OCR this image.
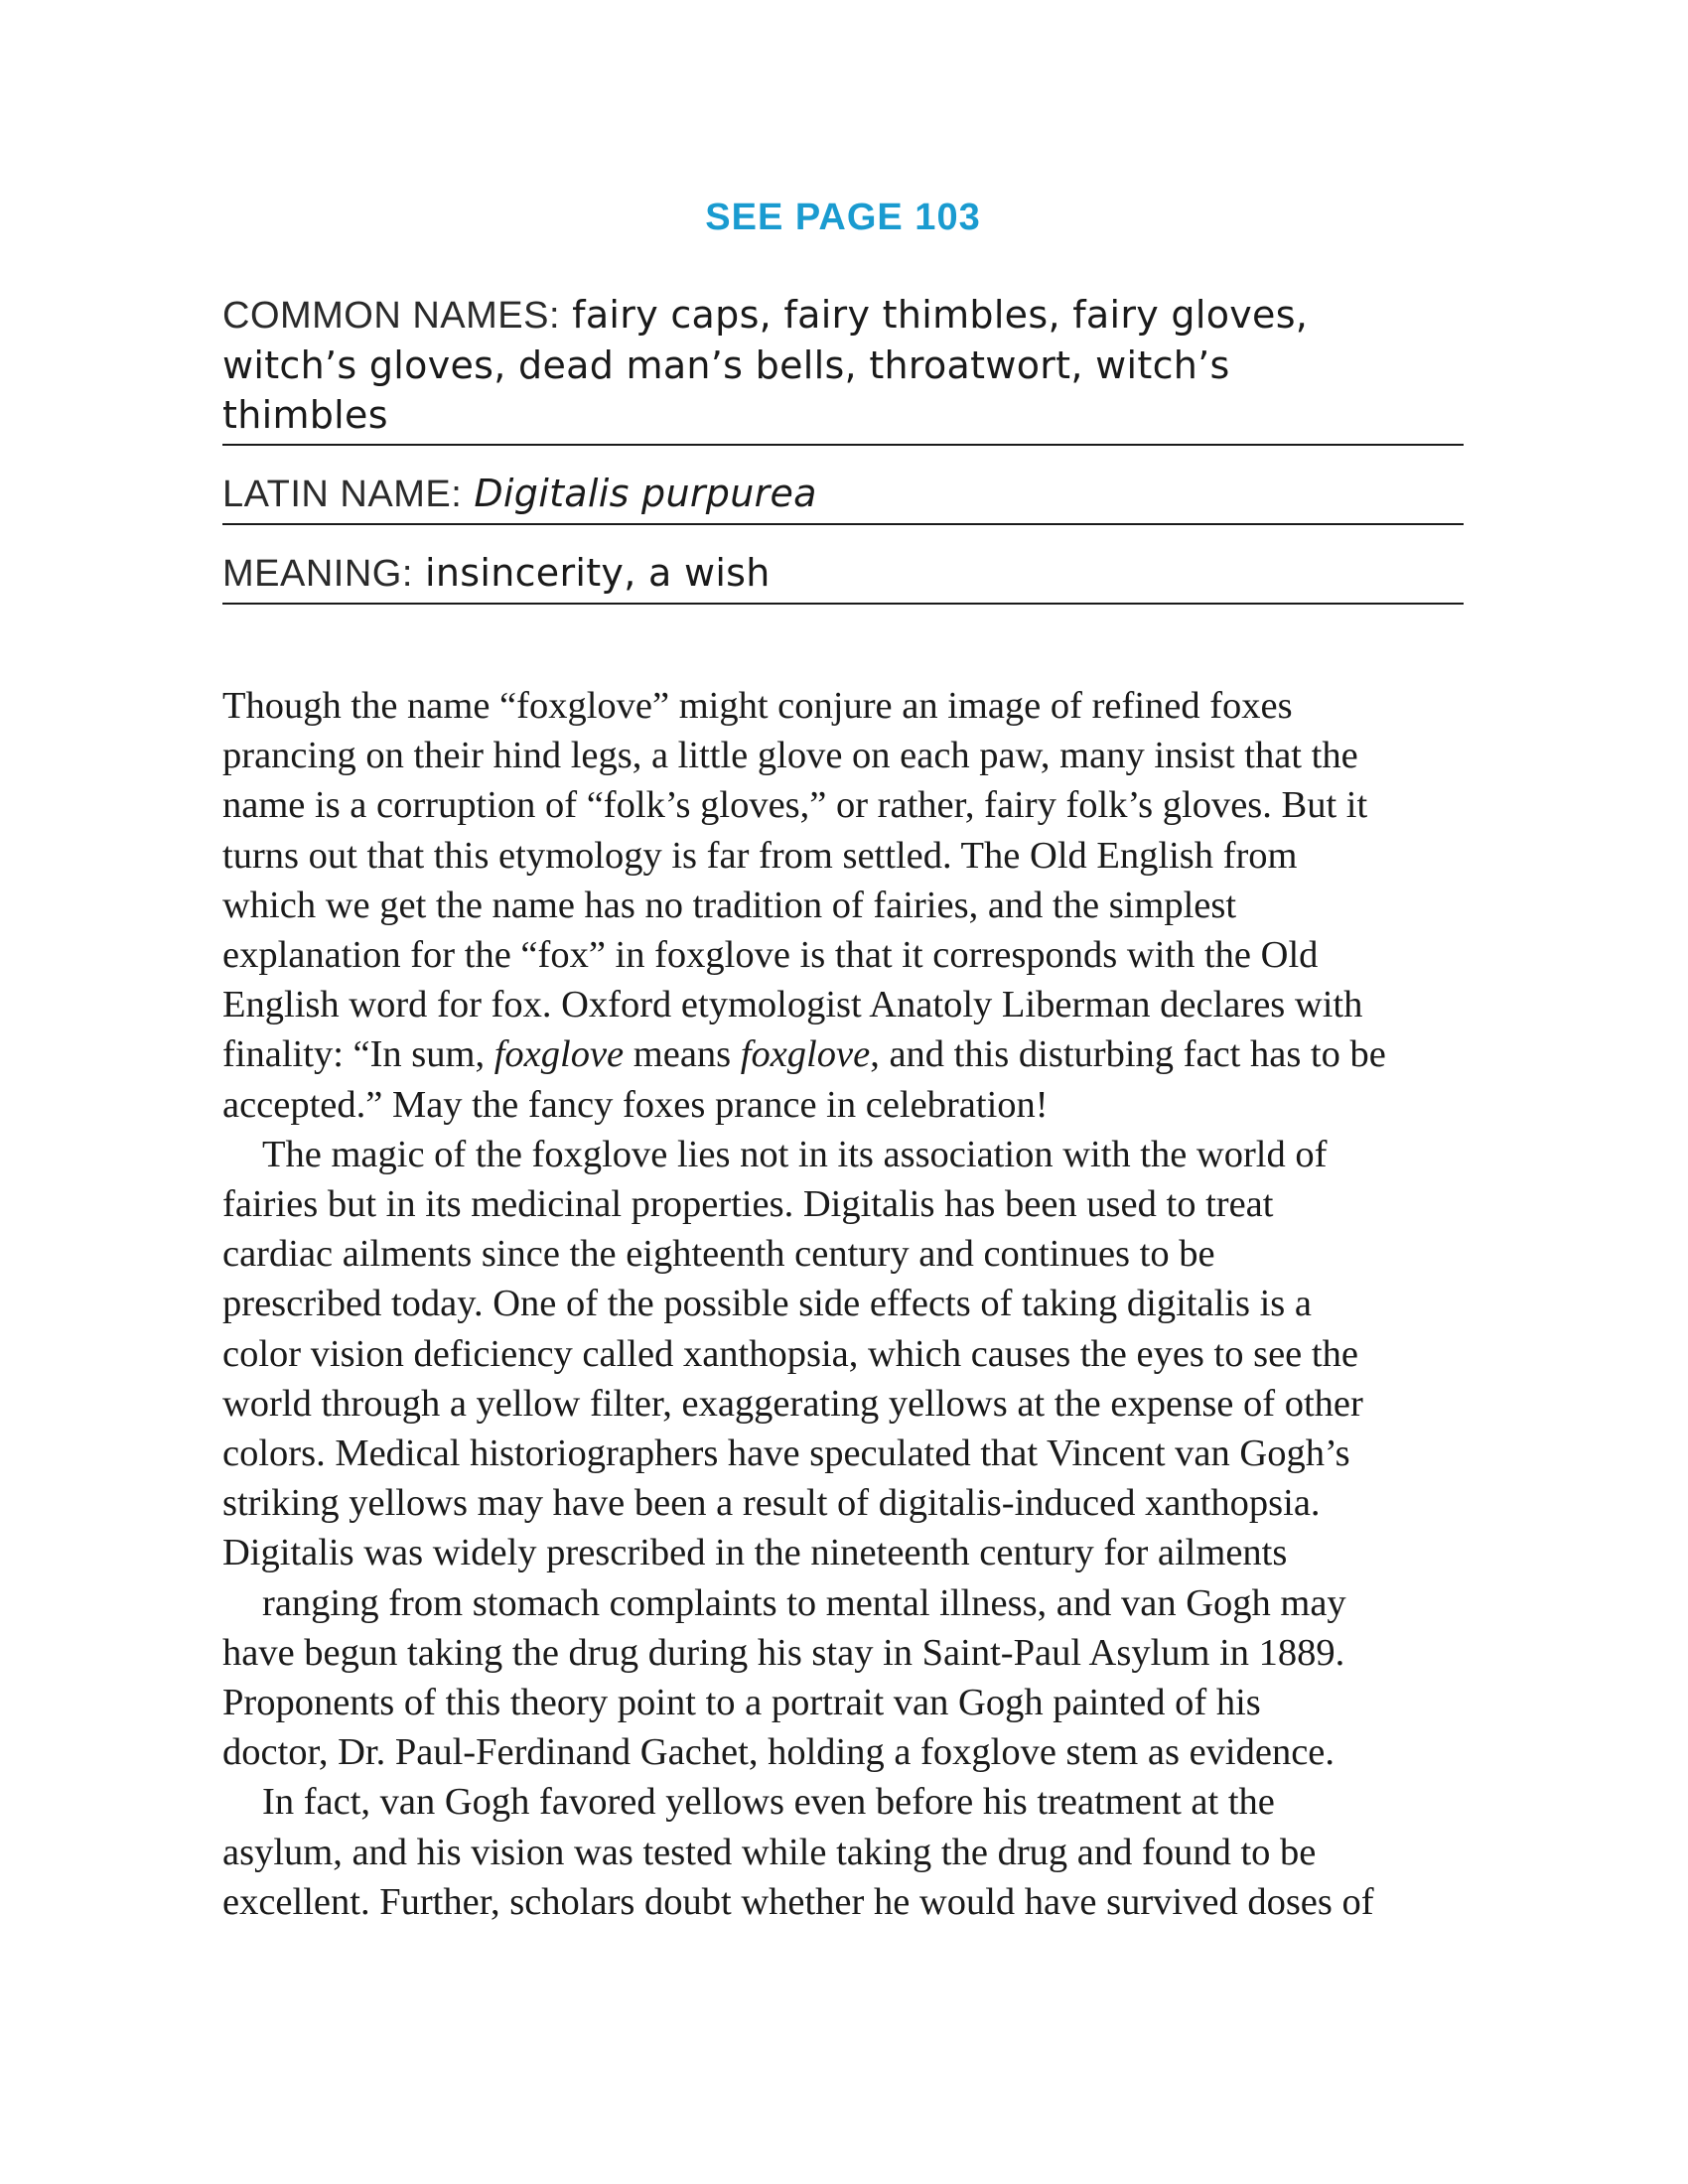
SEE PAGE 103
COMMON NAMES: fairy caps, fairy thimbles, fairy gloves,
witch’s gloves, dead man’s bells, throatwort, witch’s
thimbles
LATIN NAME: Digitalis purpurea
MEANING: insincerity, a wish
Though the name “foxglove” might conjure an image of refined foxes
prancing on their hind legs, a little glove on each paw, many insist that the
name is a corruption of “folk’s gloves,” or rather, fairy folk’s gloves. But it
turns out that this etymology is far from settled. The Old English from
which we get the name has no tradition of fairies, and the simplest
explanation for the “fox” in foxglove is that it corresponds with the Old
English word for fox. Oxford etymologist Anatoly Liberman declares with
finality: “In sum, foxglove means foxglove, and this disturbing fact has to be
accepted.” May the fancy foxes prance in celebration!
The magic of the foxglove lies not in its association with the world of
fairies but in its medicinal properties. Digitalis has been used to treat
cardiac ailments since the eighteenth century and continues to be
prescribed today. One of the possible side effects of taking digitalis is a
color vision deficiency called xanthopsia, which causes the eyes to see the
world through a yellow filter, exaggerating yellows at the expense of other
colors. Medical historiographers have speculated that Vincent van Gogh’s
striking yellows may have been a result of digitalis-induced xanthopsia.
Digitalis was widely prescribed in the nineteenth century for ailments
ranging from stomach complaints to mental illness, and van Gogh may
have begun taking the drug during his stay in Saint-Paul Asylum in 1889.
Proponents of this theory point to a portrait van Gogh painted of his
doctor, Dr. Paul-Ferdinand Gachet, holding a foxglove stem as evidence.
In fact, van Gogh favored yellows even before his treatment at the
asylum, and his vision was tested while taking the drug and found to be
excellent. Further, scholars doubt whether he would have survived doses of
